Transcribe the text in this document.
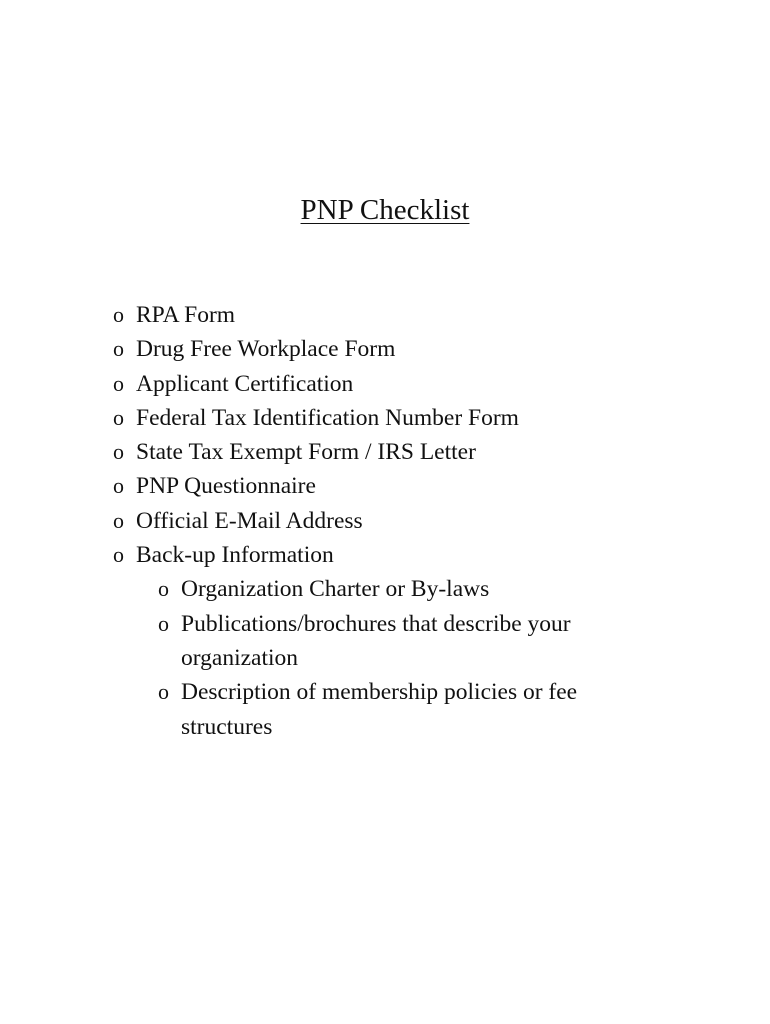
PNP Checklist
o RPA Form
o Drug Free Workplace Form
o Applicant Certification
o Federal Tax Identification Number Form
o State Tax Exempt Form / IRS Letter
o PNP Questionnaire
o Official E-Mail Address
o Back-up Information
o Organization Charter or By-laws
o Publications/brochures that describe your organization
o Description of membership policies or fee structures
